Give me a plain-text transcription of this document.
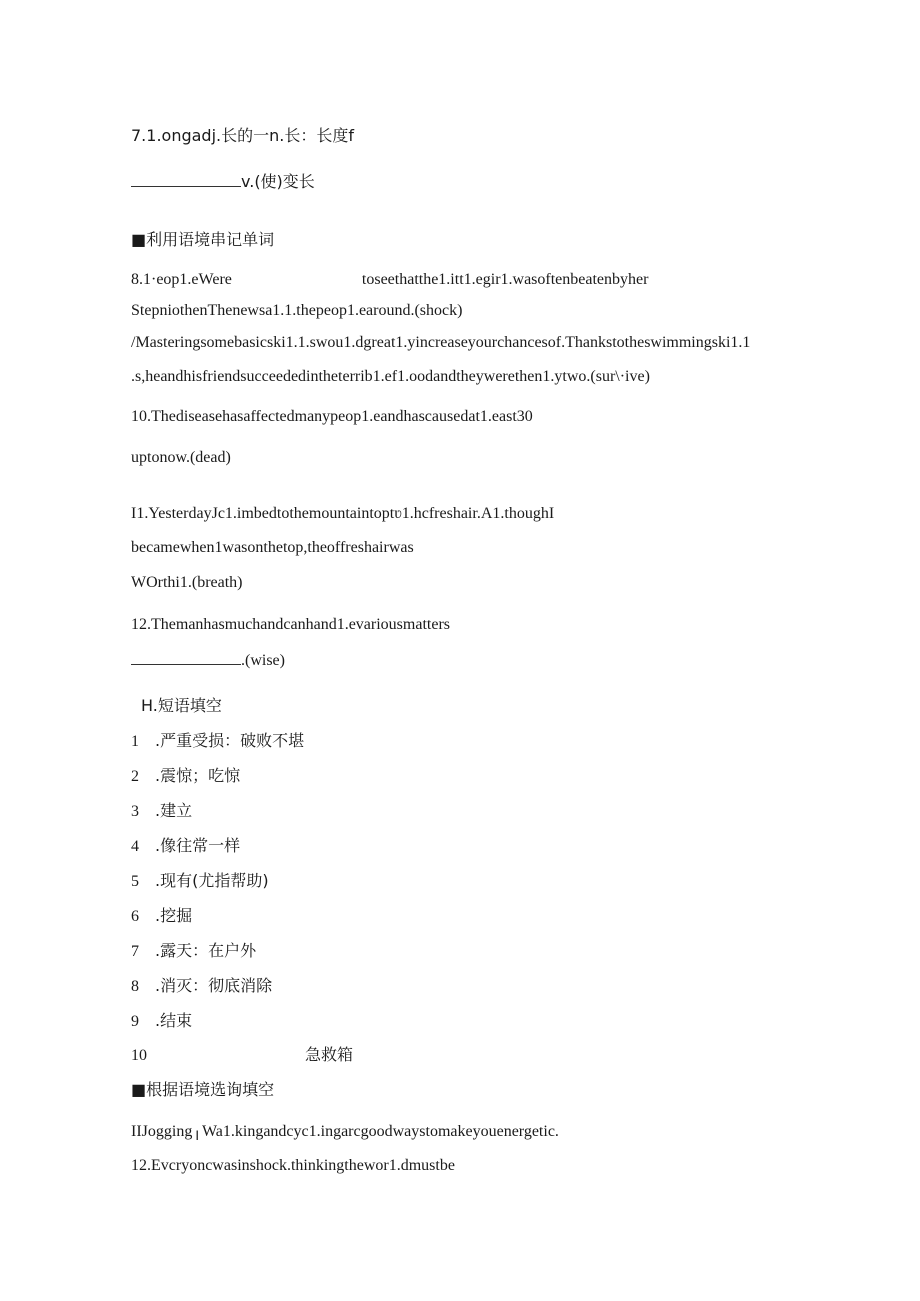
7.1.ongadj.长的一n.长：长度f
v.(使)变长
■利用语境串记单词
8.1·eop1.eWere	toseethatthe1.itt1.egir1.wasoftenbeatenbyher
StepniothenThenewsa1.1.thepeop1.earound.(shock)
/Masteringsomebasicski1.1.swou1.dgreat1.yincreaseyourchancesof.Thankstotheswimmingski1.1
.s,heandhisfriendsucceededintheterrib1.ef1.oodandtheywerethen1.ytwo.(sur\·ive)
10.Thediseasehasaffectedmanypeop1.eandhascausedat1.east30
uptonow.(dead)
I1.YesterdayJc1.imbedtothemountaintoptʋ1.hcfreshair.A1.thoughI
becamewhen1wasonthetop,theoffreshairwas
WOrthi1.(breath)
12.Themanhasmuchandcanhand1.evariousmatters
.(wise)
H.短语填空
1 .严重受损：破败不堪
2 .震惊；吃惊
3 .建立
4 .像往常一样
5 .现有(尤指帮助)
6 .挖掘
7 .露天：在户外
8 .消灭：彻底消除
9 .结束
10	急救箱
■根据语境选询填空
IIJogging╷Wa1.kingandcyc1.ingarcgoodwaystomakeyouenergetic.
12.Evcryoncwasinshock.thinkingthewor1.dmustbe
